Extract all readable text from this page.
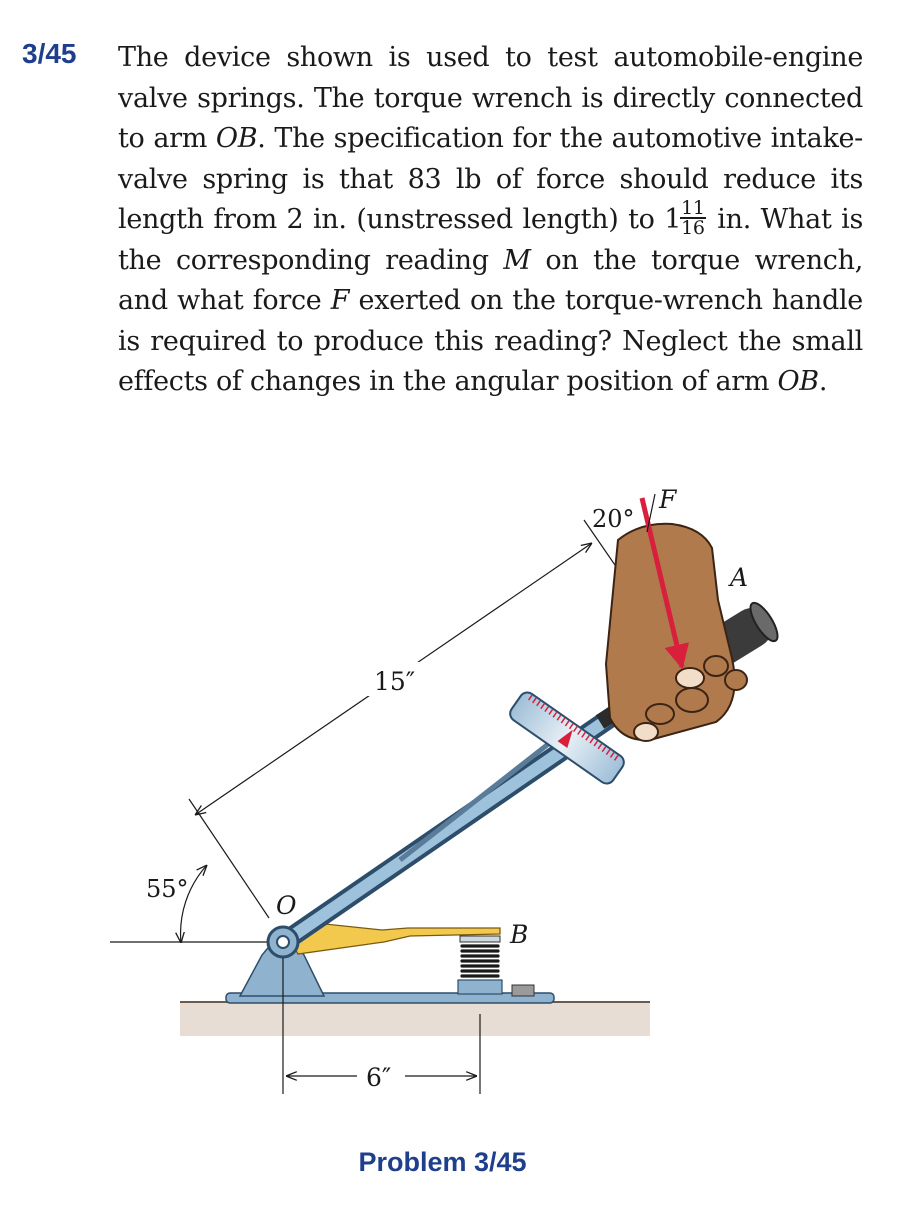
3/45 The device shown is used to test automobile-engine valve springs. The torque wrench is directly connected to arm OB. The specification for the automotive intake-valve spring is that 83 lb of force should reduce its length from 2 in. (unstressed length) to $1 \frac{11}{16}$ in. What is the corresponding reading M on the torque wrench, and what force F exerted on the torque-wrench handle is required to produce this reading? Neglect the small effects of changes in the angular position of arm OB.
55°
15″
B
O
A
F
20°
6″
Problem 3/45
